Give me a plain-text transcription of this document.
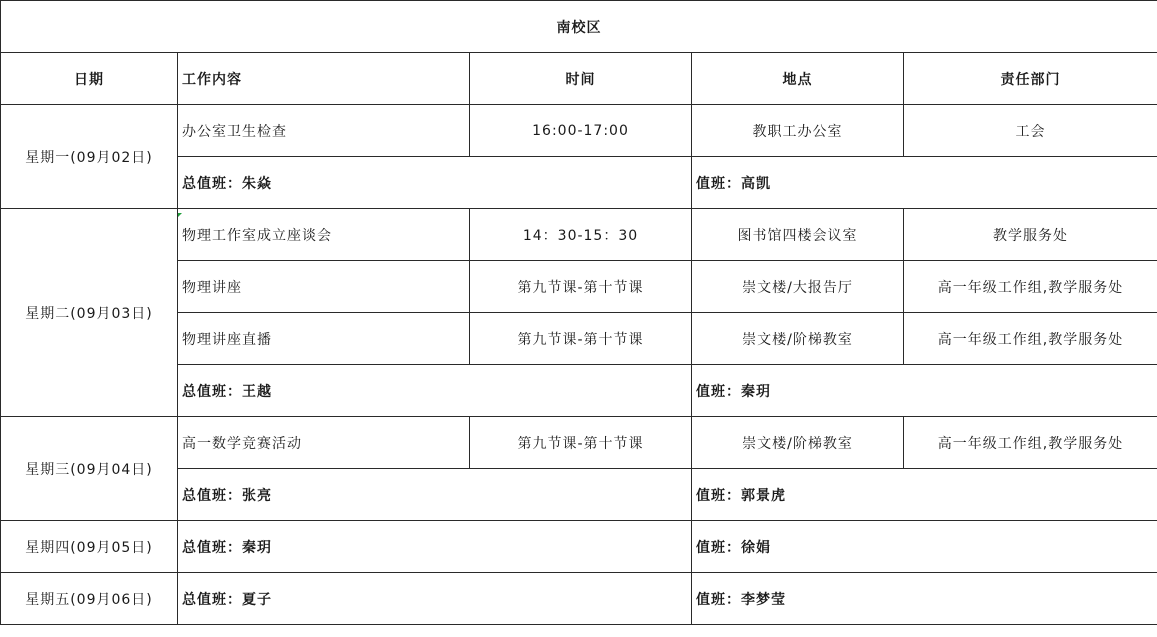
南校区				
日期	工作内容	时间	地点	责任部门
星期一(09月02日)	办公室卫生检查	16:00-17:00	教职工办公室	工会
	总值班：朱焱		值班：高凯	
星期二(09月03日)	物理工作室成立座谈会	14：30-15：30	图书馆四楼会议室	教学服务处
	物理讲座	第九节课-第十节课	崇文楼/大报告厅	高一年级工作组,教学服务处
	物理讲座直播	第九节课-第十节课	崇文楼/阶梯教室	高一年级工作组,教学服务处
	总值班：王越		值班：秦玥	
星期三(09月04日)	高一数学竞赛活动	第九节课-第十节课	崇文楼/阶梯教室	高一年级工作组,教学服务处
	总值班：张亮		值班：郭景虎	
星期四(09月05日)	总值班：秦玥		值班：徐娟	
星期五(09月06日)	总值班：夏子		值班：李梦莹	
